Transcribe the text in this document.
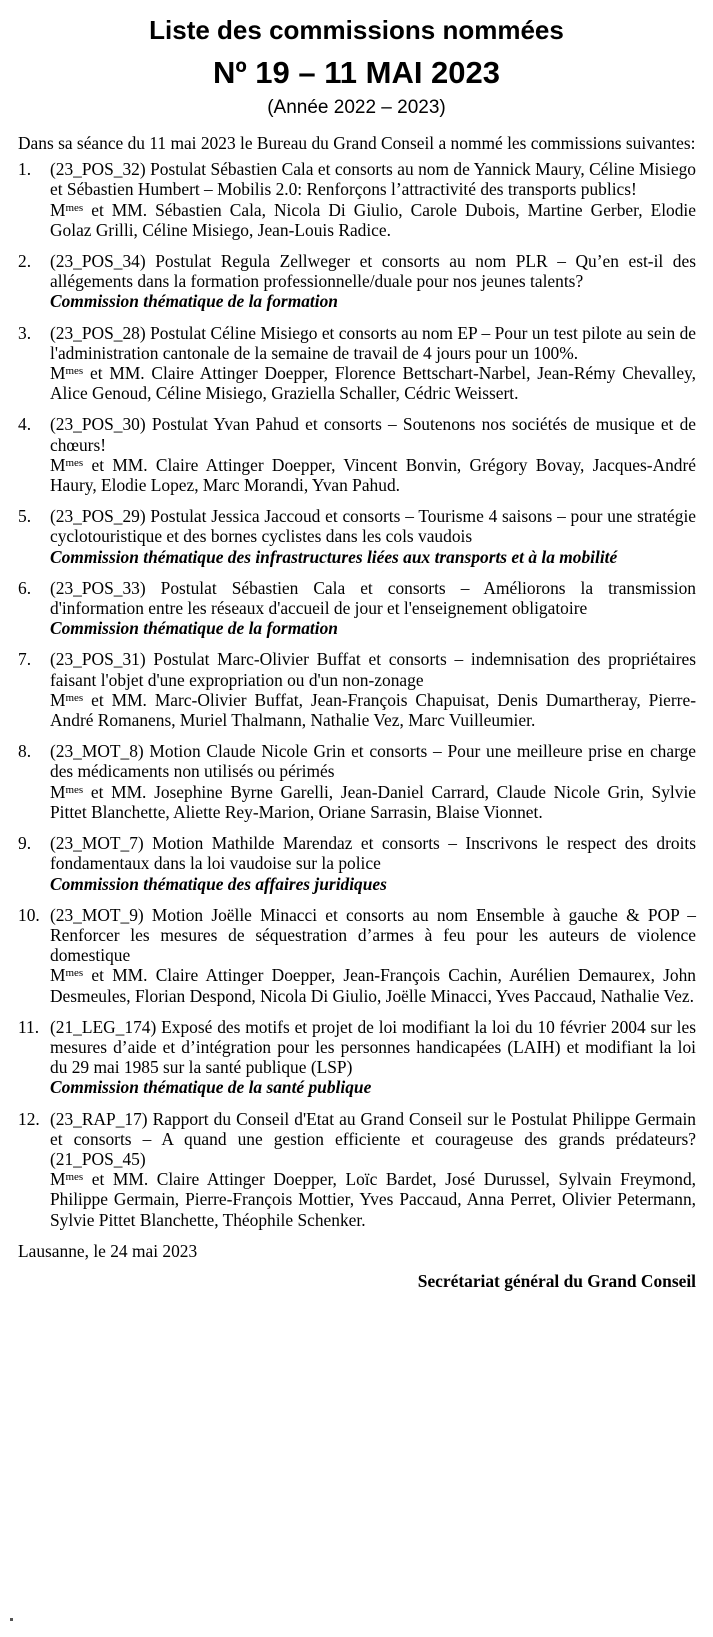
Liste des commissions nommées
Nº 19 – 11 MAI 2023
(Année 2022 – 2023)

Dans sa séance du 11 mai 2023 le Bureau du Grand Conseil a nommé les commissions suivantes:

1.	(23_POS_32) Postulat Sébastien Cala et consorts au nom de Yannick Maury, Céline Misiego et Sébastien Humbert – Mobilis 2.0: Renforçons l’attractivité des transports publics!

$M^{mes}$ et MM. Sébastien Cala, Nicola Di Giulio, Carole Dubois, Martine Gerber, Elodie Golaz Grilli, Céline Misiego, Jean-Louis Radice.

2.	(23_POS_34) Postulat Regula Zellweger et consorts au nom PLR – Qu’en est-il des allégements dans la formation professionnelle/duale pour nos jeunes talents?

Commission thématique de la formation

3.	(23_POS_28) Postulat Céline Misiego et consorts au nom EP – Pour un test pilote au sein de l'administration cantonale de la semaine de travail de 4 jours pour un 100%.

$M^{mes}$ et MM. Claire Attinger Doepper, Florence Bettschart-Narbel, Jean-Rémy Chevalley, Alice Genoud, Céline Misiego, Graziella Schaller, Cédric Weissert.

4.	(23_POS_30) Postulat Yvan Pahud et consorts – Soutenons nos sociétés de musique et de chœurs!

$M^{mes}$ et MM. Claire Attinger Doepper, Vincent Bonvin, Grégory Bovay, Jacques-André Haury, Elodie Lopez, Marc Morandi, Yvan Pahud.

5.	(23_POS_29) Postulat Jessica Jaccoud et consorts – Tourisme 4 saisons – pour une stratégie cyclotouristique et des bornes cyclistes dans les cols vaudois

Commission thématique des infrastructures liées aux transports et à la mobilité

6.	(23_POS_33) Postulat Sébastien Cala et consorts – Améliorons la transmission d'information entre les réseaux d'accueil de jour et l'enseignement obligatoire

Commission thématique de la formation

7.	(23_POS_31) Postulat Marc-Olivier Buffat et consorts – indemnisation des propriétaires faisant l'objet d'une expropriation ou d'un non-zonage

$M^{mes}$ et MM. Marc-Olivier Buffat, Jean-François Chapuisat, Denis Dumartheray, Pierre-André Romanens, Muriel Thalmann, Nathalie Vez, Marc Vuilleumier.

8.	(23_MOT_8) Motion Claude Nicole Grin et consorts – Pour une meilleure prise en charge des médicaments non utilisés ou périmés

$M^{mes}$ et MM. Josephine Byrne Garelli, Jean-Daniel Carrard, Claude Nicole Grin, Sylvie Pittet Blanchette, Aliette Rey-Marion, Oriane Sarrasin, Blaise Vionnet.

9.	(23_MOT_7) Motion Mathilde Marendaz et consorts – Inscrivons le respect des droits fondamentaux dans la loi vaudoise sur la police

Commission thématique des affaires juridiques

10. (23_MOT_9) Motion Joëlle Minacci et consorts au nom Ensemble à gauche & POP – Renforcer les mesures de séquestration d’armes à feu pour les auteurs de violence domestique

$M^{mes}$ et MM. Claire Attinger Doepper, Jean-François Cachin, Aurélien Demaurex, John Desmeules, Florian Despond, Nicola Di Giulio, Joëlle Minacci, Yves Paccaud, Nathalie Vez.

11. (21_LEG_174) Exposé des motifs et projet de loi modifiant la loi du 10 février 2004 sur les mesures d’aide et d’intégration pour les personnes handicapées (LAIH) et modifiant la loi du 29 mai 1985 sur la santé publique (LSP)

Commission thématique de la santé publique

12. (23_RAP_17) Rapport du Conseil d'Etat au Grand Conseil sur le Postulat Philippe Germain et consorts – A quand une gestion efficiente et courageuse des grands prédateurs? (21_POS_45)

$M^{mes}$ et MM. Claire Attinger Doepper, Loïc Bardet, José Durussel, Sylvain Freymond, Philippe Germain, Pierre-François Mottier, Yves Paccaud, Anna Perret, Olivier Petermann, Sylvie Pittet Blanchette, Théophile Schenker.

Lausanne, le 24 mai 2023

Secrétariat général du Grand Conseil
